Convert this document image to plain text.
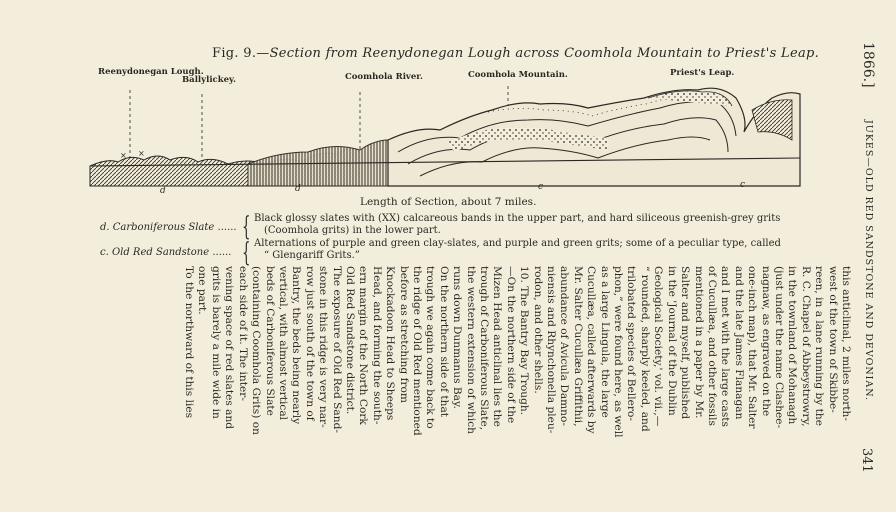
Fig. 9.—Section from Reenydonegan Lough across Coomhola Mountain to Priest's Leap.
Reenydonegan Lough.
Ballylickey.	Coomhola River.	Coomhola Mountain.	Priest's Leap.
× ×
d	d	c	c
Length of Section, about 7 miles.
d. Carboniferous Slate ...... { Black glossy slates with (XX) calcareous bands in the upper part, and hard siliceous greenish-grey grits
(Coomhola grits) in the lower part.
c. Old Red Sandstone ...... { Alternations of purple and green clay-slates, and purple and green grits; some of a peculiar type, called
“ Glengariff Grits.”
1866.]
JUKES—OLD RED SANDSTONE AND DEVONIAN.
341
this anticlinal, 2 miles north-
west of the town of Skibbe-
reen, in a lane running by the
R. C. Chapel of Abbeystrowry,
in the townland of Mohanagh
(just under the name Clashee-
nagnaw, as engraved on the
one-inch map), that Mr. Salter
and the late James Flanagan
and I met with the large casts
of Cucullæa, and other fossils
mentioned in a paper by Mr.
Salter and myself, published
in the 'Journal of the Dublin
Geological Society,' vol. vii.,—
“ rounded, sharply keeled, and
trilobated species of Bellero-
phon,” were found here, as well
as a large Lingula, the large
Cucullæa, called afterwards by
Mr. Salter Cucullæa Griffithii,
abundance of Avicula Damno-
niensis and Rhynchonella pleu-
rodon, and other shells.
10. The Bantry Bay Trough.
—On the northern side of the
Mizen Head anticlinal lies the
trough of Carboniferous Slate,
the western extension of which
runs down Dunmanus Bay.
On the northern side of that
trough we again come back to
the ridge of Old Red mentioned
before as stretching from
Knockadoon Head to Sheeps
Head, and forming the south-
ern margin of the North Cork
Old Red Sandstone district.
The exposure of Old Red Sand-
stone in this ridge is very nar-
row just south of the town of
Bantry, the beds being nearly
vertical, with almost vertical
beds of Carboniferous Slate
(containing Coomhola Grits) on
each side of it. The inter-
vening space of red slates and
grits is barely a mile wide in
one part.
To the northward of this lies
